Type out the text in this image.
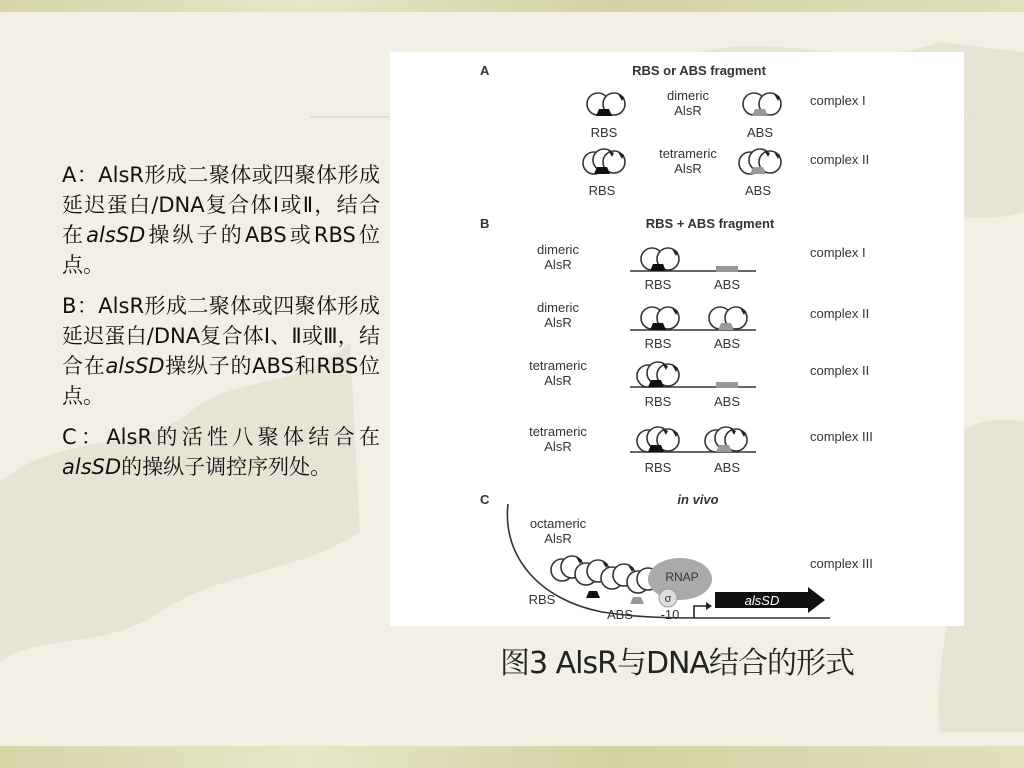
A：AlsR形成二聚体或四聚体形成延迟蛋白/DNA复合体Ⅰ或Ⅱ，结合在alsSD操纵子的ABS或RBS位点。

B：AlsR形成二聚体或四聚体形成延迟蛋白/DNA复合体Ⅰ、Ⅱ或Ⅲ，结合在alsSD操纵子的ABS和RBS位点。

C：AlsR的活性八聚体结合在alsSD的操纵子调控序列处。

A	RBS or ABS fragment
RBS
dimeric
AlsR
ABS
complex I
RBS
tetrameric
AlsR
ABS
complex II
B	RBS + ABS fragment
dimeric
AlsR
RBS	ABS
complex I
dimeric
AlsR
RBS	ABS
complex II
tetrameric
AlsR
RBS	ABS
complex II
tetrameric
AlsR
RBS	ABS
complex III
C	in vivo
octameric
AlsR
RNAP
σ	alsSD
complex III
RBS
ABS -10
图3 AlsR与DNA结合的形式
